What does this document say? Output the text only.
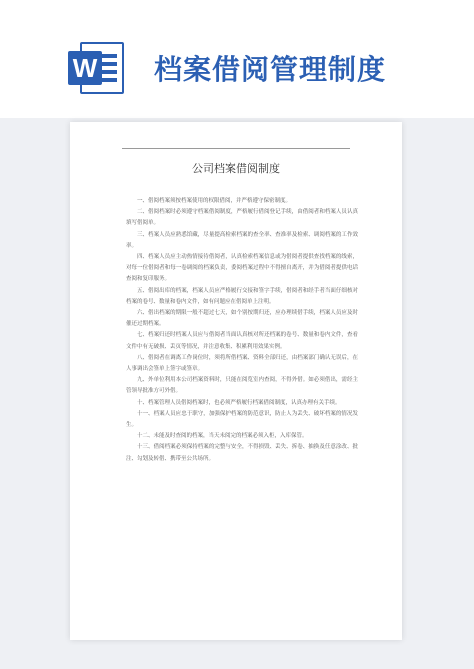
W 档案借阅管理制度
公司档案借阅制度

一、借阅档案须按档案使用的权限借阅，并严格遵守保密制度。

二、借阅档案时必须遵守档案借阅制度，严格履行借阅登记手续，由借阅者和档案人员认真填写借阅单。

三、档案人员应熟悉馆藏，尽量提高检索档案的查全率、查准率及检索、调阅档案的工作效率。

四、档案人员应主动热情接待借阅者，认真检索档案信息或为借阅者提供查找档案的线索，对每一位借阅者和每一卷调阅的档案负责，委阅档案过程中不得擅自离开，并为借阅者提供电话查阅和复印服务。

五、借阅出库的档案，档案人员应严格履行交接和签字手续，借阅者和经手者当面仔细核对档案的卷号、数量和卷内文件，如有问题应在借阅单上注明。

六、借出档案的期限一般不超过七天，如个别按期归还，应办理续借手续，档案人员应及时催还过期档案。

七、档案归还时档案人员应与借阅者当面认真核对所还档案的卷号、数量和卷内文件，查看文件中有无破损、丢页等情况，并注意收集、积累利用效果实例。

八、借阅者在调离工作岗位时，须将所借档案、资料全部归还，由档案部门确认无误后，在人事调出会签单上签字或签章。

九、外单位利用本公司档案资料时，只能在阅览室内查阅，不得外借。如必须借出，需经主管领导批准方可外借。

十、档案管理人员借阅档案时，也必须严格履行档案借阅制度，认真办理有关手续。

十一、档案人员应忠于职守，加强保护档案的防范意识，防止人为丢失、破坏档案的情况发生。

十二、未能及时查阅的档案，当天未阅完的档案必须入柜，入库保管。

十三、借阅档案必须保持档案的完整与安全，不得损毁、丢失、拆卷、抽换及任意涂改、批注、勾划及转借、携带至公共场所。
